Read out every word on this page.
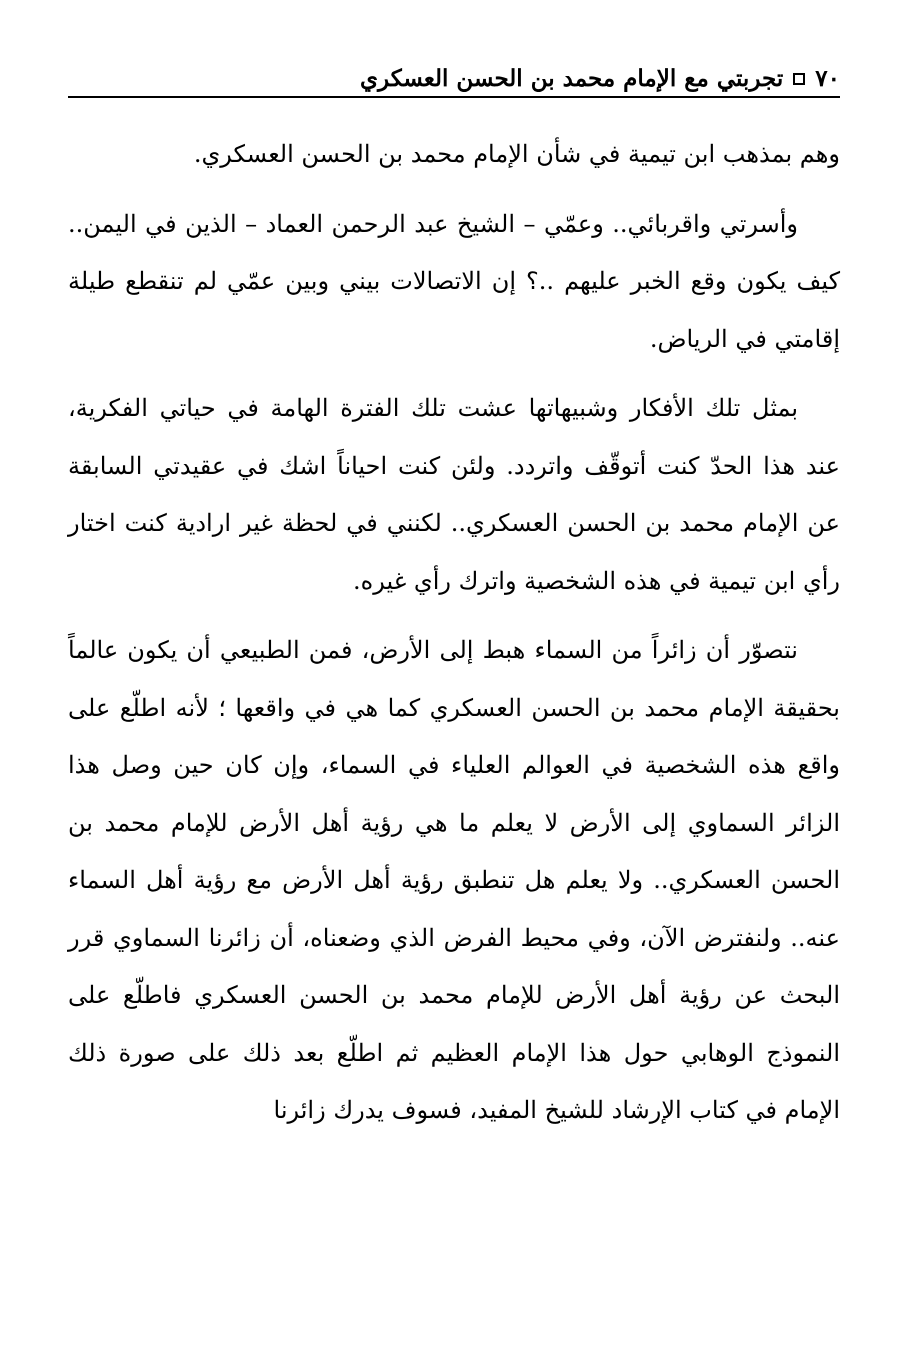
٧٠
تجربتي مع الإمام محمد بن الحسن العسكري

وهم بمذهب ابن تيمية في شأن الإمام محمد بن الحسن العسكري.

وأسرتي واقربائي.. وعمّي – الشيخ عبد الرحمن العماد – الذين في اليمن.. كيف يكون وقع الخبر عليهم ..؟ إن الاتصالات بيني وبين عمّي لم تنقطع طيلة إقامتي في الرياض.

بمثل تلك الأفكار وشبيهاتها عشت تلك الفترة الهامة في حياتي الفكرية، عند هذا الحدّ كنت أتوقّف واتردد. ولئن كنت احياناً اشك في عقيدتي السابقة عن الإمام محمد بن الحسن العسكري.. لكنني في لحظة غير ارادية كنت اختار رأي ابن تيمية في هذه الشخصية واترك رأي غيره.

نتصوّر أن زائراً من السماء هبط إلى الأرض، فمن الطبيعي أن يكون عالماً بحقيقة الإمام محمد بن الحسن العسكري كما هي في واقعها ؛ لأنه اطلّع على واقع هذه الشخصية في العوالم العلياء في السماء، وإن كان حين وصل هذا الزائر السماوي إلى الأرض لا يعلم ما هي رؤية أهل الأرض للإمام محمد بن الحسن العسكري.. ولا يعلم هل تنطبق رؤية أهل الأرض مع رؤية أهل السماء عنه.. ولنفترض الآن، وفي محيط الفرض الذي وضعناه، أن زائرنا السماوي قرر البحث عن رؤية أهل الأرض للإمام محمد بن الحسن العسكري فاطلّع على النموذج الوهابي حول هذا الإمام العظيم ثم اطلّع بعد ذلك على صورة ذلك الإمام في كتاب الإرشاد للشيخ المفيد، فسوف يدرك زائرنا
